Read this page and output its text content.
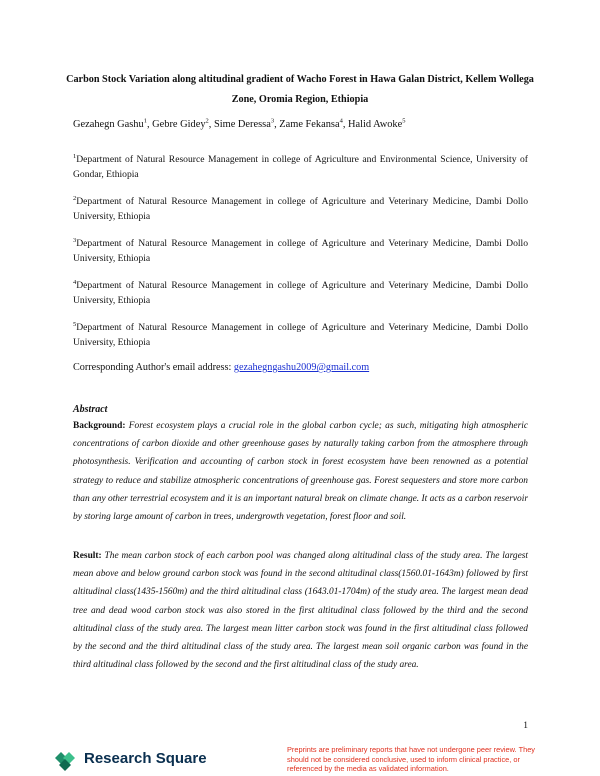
Carbon Stock Variation along altitudinal gradient of Wacho Forest in Hawa Galan District, Kellem Wollega Zone, Oromia Region, Ethiopia
Gezahegn Gashu$^1$, Gebre Gidey$^2$, Sime Deressa$^3$, Zame Fekansa$^4$, Halid Awoke$^5$
$^1$Department of Natural Resource Management in college of Agriculture and Environmental Science, University of Gondar, Ethiopia
$^2$Department of Natural Resource Management in college of Agriculture and Veterinary Medicine, Dambi Dollo University, Ethiopia
$^3$Department of Natural Resource Management in college of Agriculture and Veterinary Medicine, Dambi Dollo University, Ethiopia
$^4$Department of Natural Resource Management in college of Agriculture and Veterinary Medicine, Dambi Dollo University, Ethiopia
$^5$Department of Natural Resource Management in college of Agriculture and Veterinary Medicine, Dambi Dollo University, Ethiopia
Corresponding Author's email address: gezahegngashu2009@gmail.com
Abstract
Background: Forest ecosystem plays a crucial role in the global carbon cycle; as such, mitigating high atmospheric concentrations of carbon dioxide and other greenhouse gases by naturally taking carbon from the atmosphere through photosynthesis. Verification and accounting of carbon stock in forest ecosystem have been renowned as a potential strategy to reduce and stabilize atmospheric concentrations of greenhouse gas. Forest sequesters and store more carbon than any other terrestrial ecosystem and it is an important natural break on climate change. It acts as a carbon reservoir by storing large amount of carbon in trees, undergrowth vegetation, forest floor and soil.
Result: The mean carbon stock of each carbon pool was changed along altitudinal class of the study area. The largest mean above and below ground carbon stock was found in the second altitudinal class(1560.01-1643m) followed by first altitudinal class(1435-1560m) and the third altitudinal class (1643.01-1704m) of the study area. The largest mean dead tree and dead wood carbon stock was also stored in the first altitudinal class followed by the third and the second altitudinal class of the study area. The largest mean litter carbon stock was found in the first altitudinal class followed by the second and the third altitudinal class of the study area. The largest mean soil organic carbon was found in the third altitudinal class followed by the second and the first altitudinal class of the study area.
1
Research Square	Preprints are preliminary reports that have not undergone peer review. They should not be considered conclusive, used to inform clinical practice, or referenced by the media as validated information.
